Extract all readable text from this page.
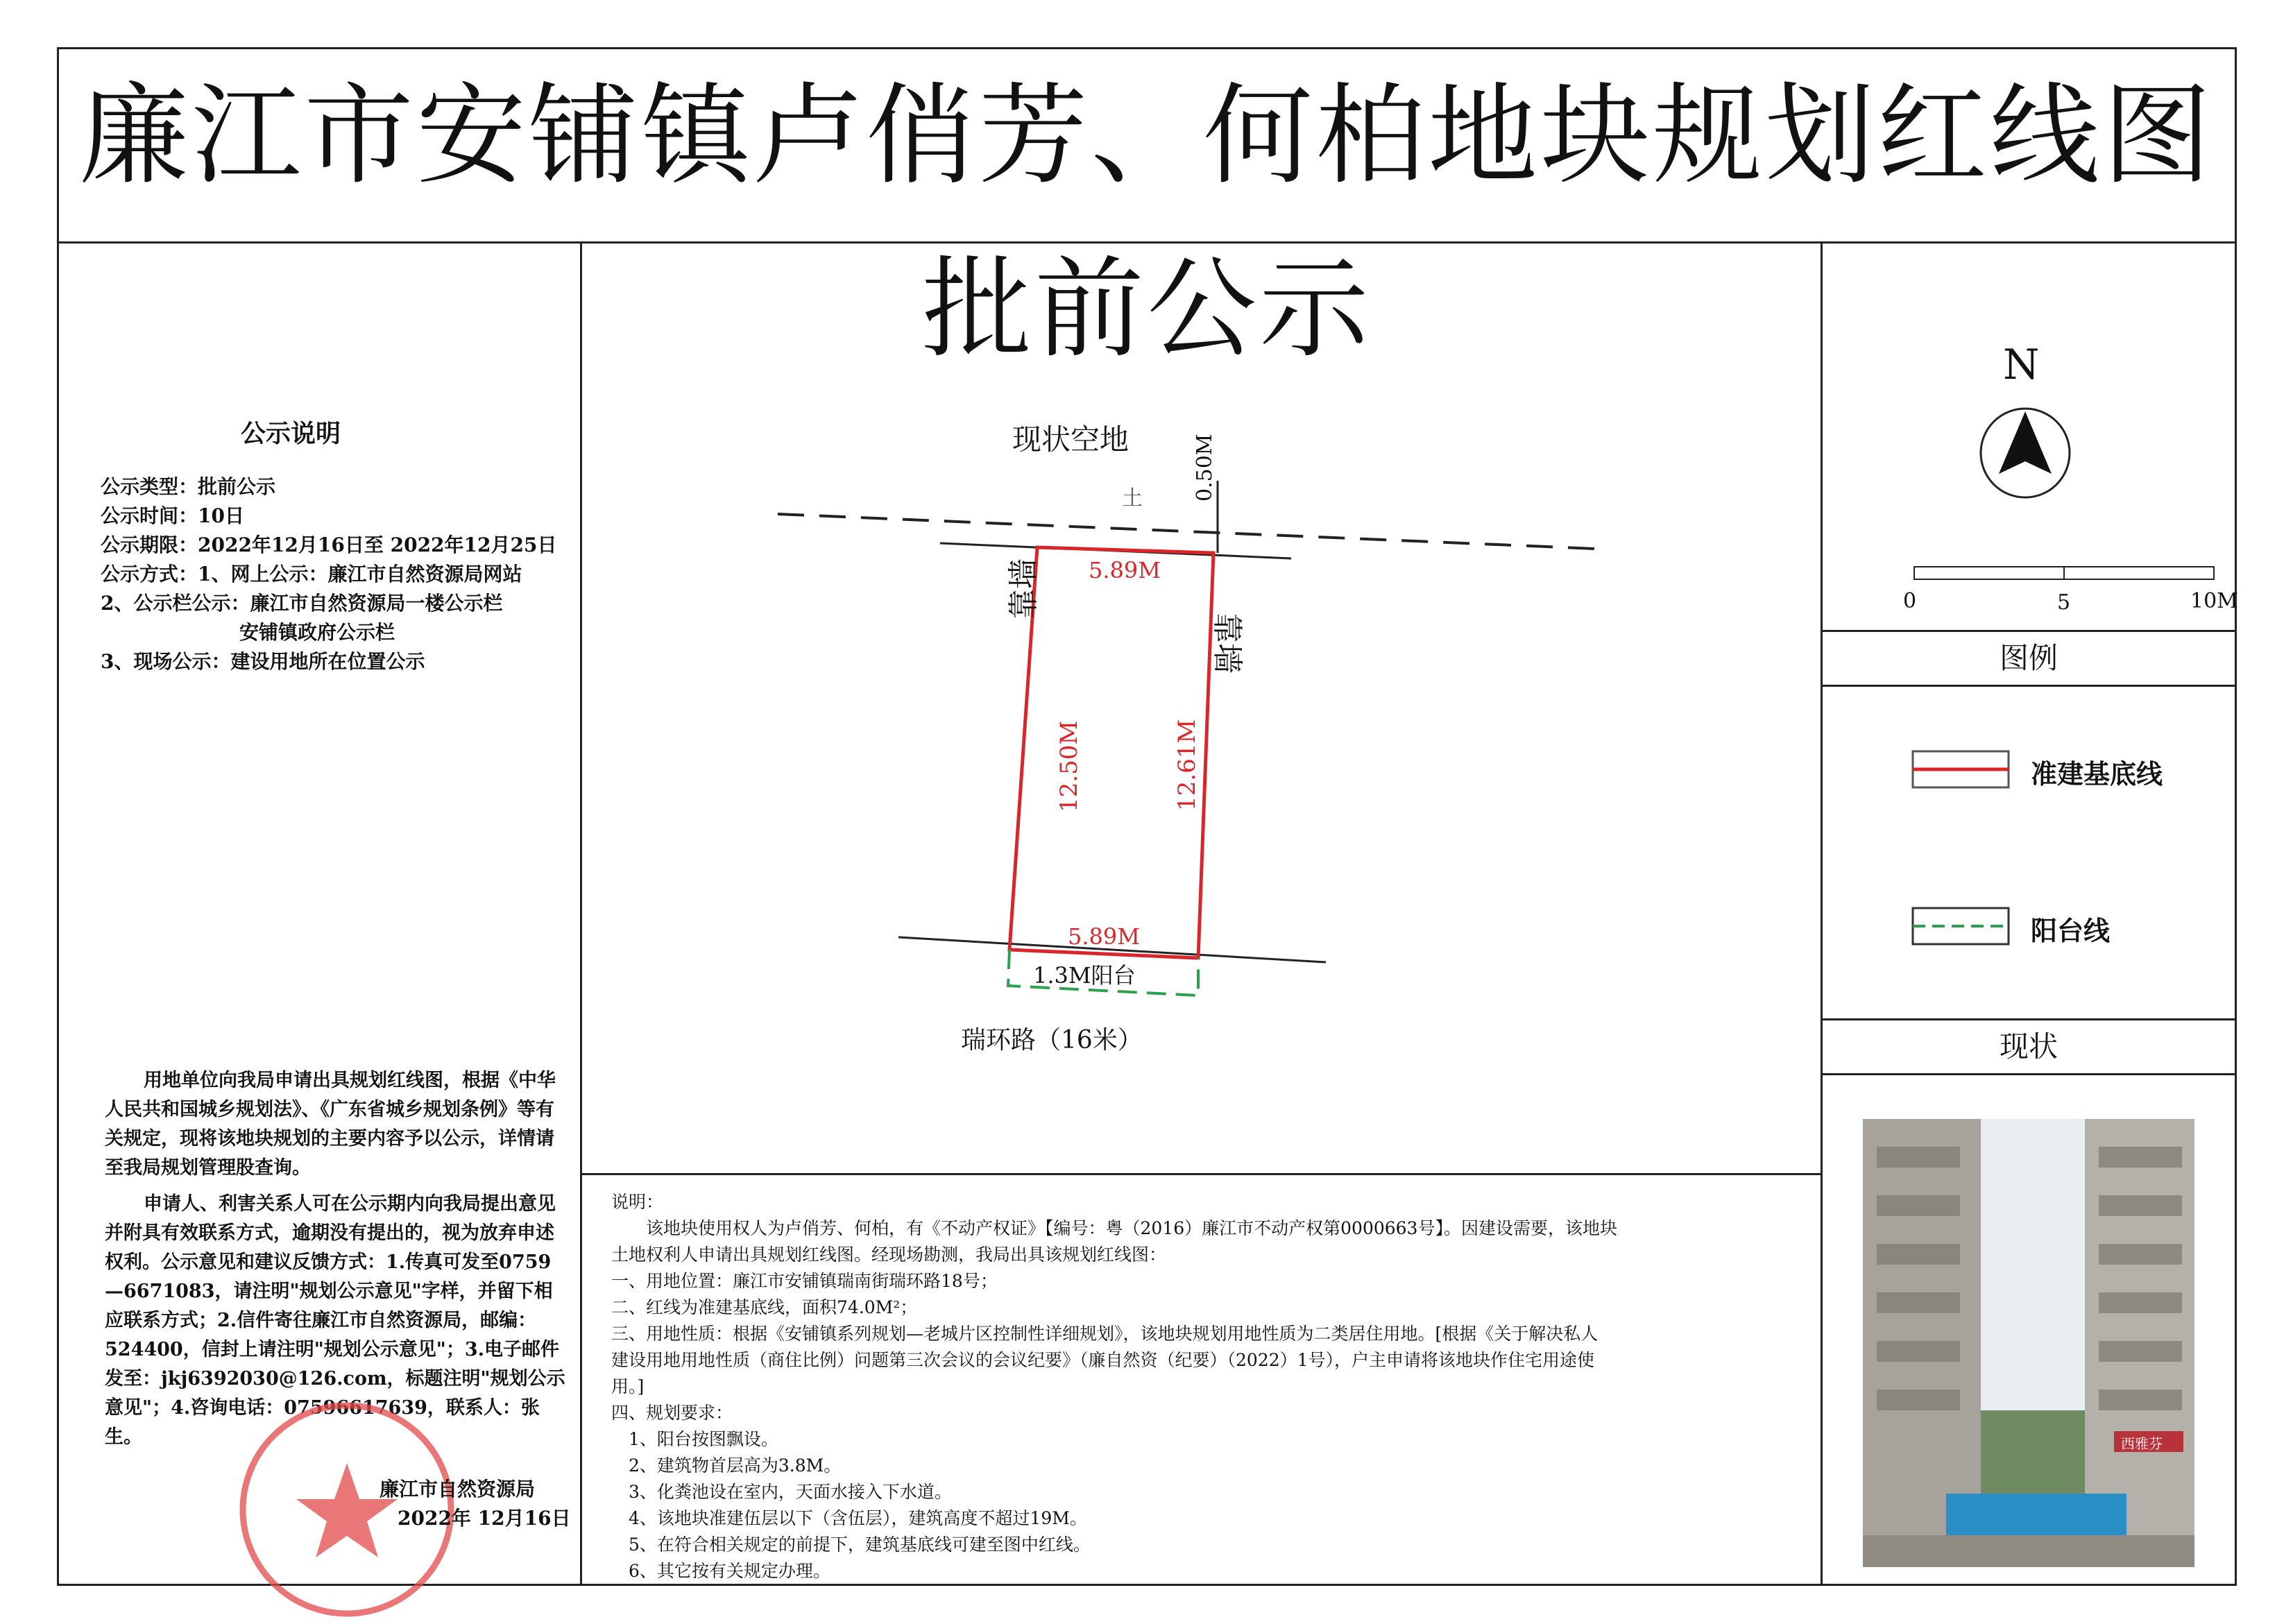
廉江市安铺镇卢俏芳、何柏地块规划红线图批前公示
公示说明
公示类型：批前公示
公示时间：10日
公示期限：2022年12月16日至 2022年12月25日
公示方式：1、网上公示：廉江市自然资源局网站
2、公示栏公示：廉江市自然资源局一楼公示栏
安铺镇政府公示栏
3、现场公示：建设用地所在位置公示
用地单位向我局申请出具规划红线图，根据《中华人民共和国城乡规划法》、《广东省城乡规划条例》等有关规定，现将该地块规划的主要内容予以公示，详情请至我局规划管理股查询。
申请人、利害关系人可在公示期内向我局提出意见并附具有效联系方式，逾期没有提出的，视为放弃申述权利。公示意见和建议反馈方式：1.传真可发至0759—6671083，请注明"规划公示意见"字样，并留下相应联系方式；2.信件寄往廉江市自然资源局，邮编：524400，信封上请注明"规划公示意见"；3.电子邮件发至：jkj6392030@126.com，标题注明"规划公示意见"；4.咨询电话：07596617639，联系人：张生。
廉江市自然资源局
2022年 12月16日
现状空地
土 0.50M
5.89M
5.89M
12.50M	12.61M
靠墙
靠墙
1.3M阳台
瑞环路（16米）
说明：
　　该地块使用权人为卢俏芳、何柏，有《不动产权证》【编号：粤（2016）廉江市不动产权第0000663号】。因建设需要，该地块
土地权利人申请出具规划红线图。经现场勘测，我局出具该规划红线图：
一、用地位置：廉江市安铺镇瑞南街瑞环路18号；
二、红线为准建基底线，面积74.0M²；
三、用地性质：根据《安铺镇系列规划—老城片区控制性详细规划》，该地块规划用地性质为二类居住用地。[根据《关于解决私人
建设用地用地性质（商住比例）问题第三次会议的会议纪要》（廉自然资（纪要）（2022）1号），户主申请将该地块作住宅用途使
用。]
四、规划要求：
　1、阳台按图飘设。
　2、建筑物首层高为3.8M。
　3、化粪池设在室内，天面水接入下水道。
　4、该地块准建伍层以下（含伍层），建筑高度不超过19M。
　5、在符合相关规定的前提下，建筑基底线可建至图中红线。
　6、其它按有关规定办理。
N
0	5	10M
图例
准建基底线
阳台线
现状
西雅芬
